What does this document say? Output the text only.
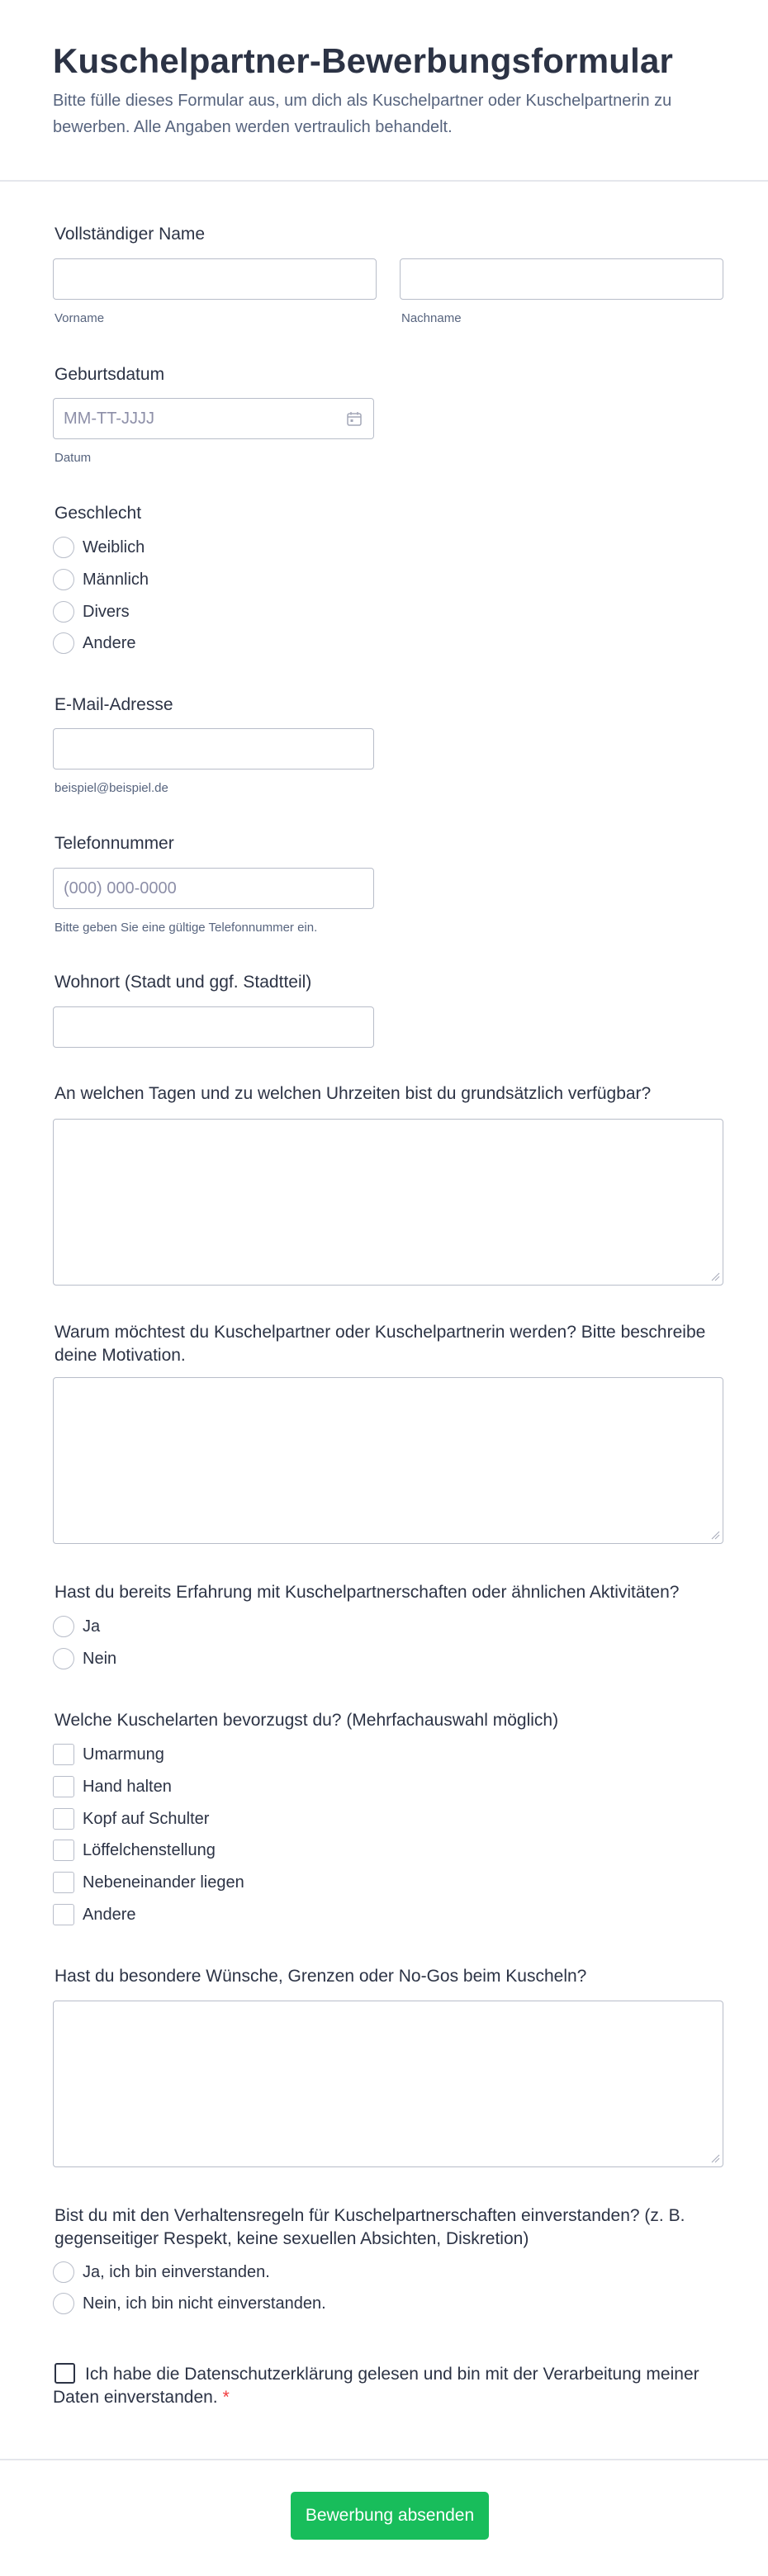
Kuschelpartner-Bewerbungsformular
Bitte fülle dieses Formular aus, um dich als Kuschelpartner oder Kuschelpartnerin zu bewerben. Alle Angaben werden vertraulich behandelt.
Vollständiger Name
Vorname	Nachname
Geburtsdatum
MM-TT-JJJJ
Datum
Geschlecht
Weiblich
Männlich
Divers
Andere
E-Mail-Adresse
beispiel@beispiel.de
Telefonnummer
(000) 000-0000
Bitte geben Sie eine gültige Telefonnummer ein.
Wohnort (Stadt und ggf. Stadtteil)
An welchen Tagen und zu welchen Uhrzeiten bist du grundsätzlich verfügbar?
Warum möchtest du Kuschelpartner oder Kuschelpartnerin werden? Bitte beschreibe deine Motivation.
Hast du bereits Erfahrung mit Kuschelpartnerschaften oder ähnlichen Aktivitäten?
Ja
Nein
Welche Kuschelarten bevorzugst du? (Mehrfachauswahl möglich)
Umarmung
Hand halten
Kopf auf Schulter
Löffelchenstellung
Nebeneinander liegen
Andere
Hast du besondere Wünsche, Grenzen oder No-Gos beim Kuscheln?
Bist du mit den Verhaltensregeln für Kuschelpartnerschaften einverstanden? (z. B. gegenseitiger Respekt, keine sexuellen Absichten, Diskretion)
Ja, ich bin einverstanden.
Nein, ich bin nicht einverstanden.
Ich habe die Datenschutzerklärung gelesen und bin mit der Verarbeitung meiner Daten einverstanden. *
Bewerbung absenden
